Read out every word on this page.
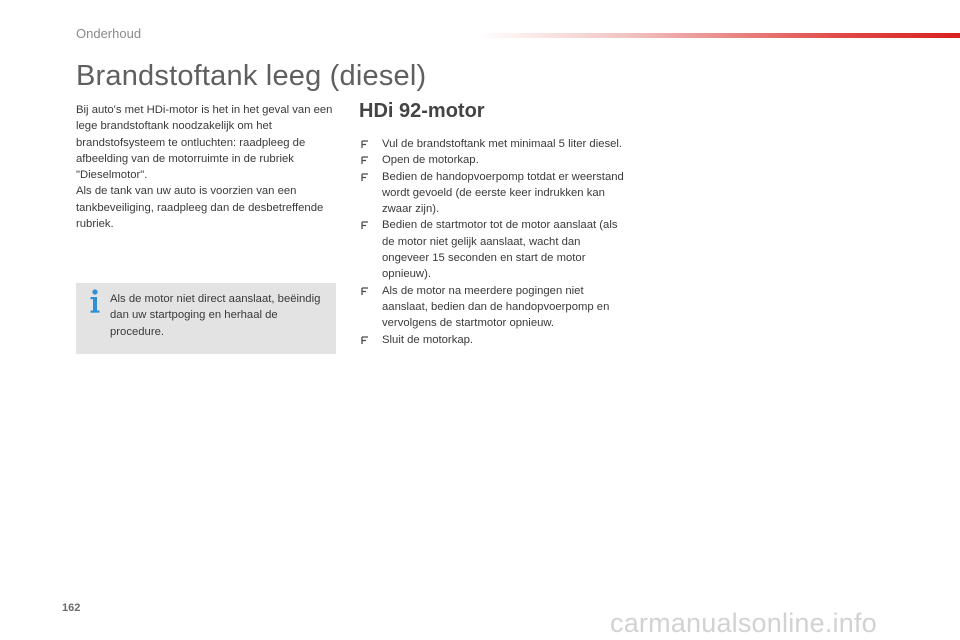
Onderhoud
Brandstoftank leeg (diesel)

Bij auto's met HDi-motor is het in het geval van een lege brandstoftank noodzakelijk om het brandstofsysteem te ontluchten: raadpleeg de afbeelding van de motorruimte in de rubriek "Dieselmotor".

Als de tank van uw auto is voorzien van een tankbeveiliging, raadpleeg dan de desbetreffende rubriek.

Als de motor niet direct aanslaat, beëindig dan uw startpoging en herhaal de procedure.

HDi 92-motor
Vul de brandstoftank met minimaal 5 liter diesel.
Open de motorkap.
Bedien de handopvoerpomp totdat er weerstand wordt gevoeld (de eerste keer indrukken kan zwaar zijn).
Bedien de startmotor tot de motor aanslaat (als de motor niet gelijk aanslaat, wacht dan ongeveer 15 seconden en start de motor opnieuw).
Als de motor na meerdere pogingen niet aanslaat, bedien dan de handopvoerpomp en vervolgens de startmotor opnieuw.
Sluit de motorkap.
162	carmanualsonline.info
